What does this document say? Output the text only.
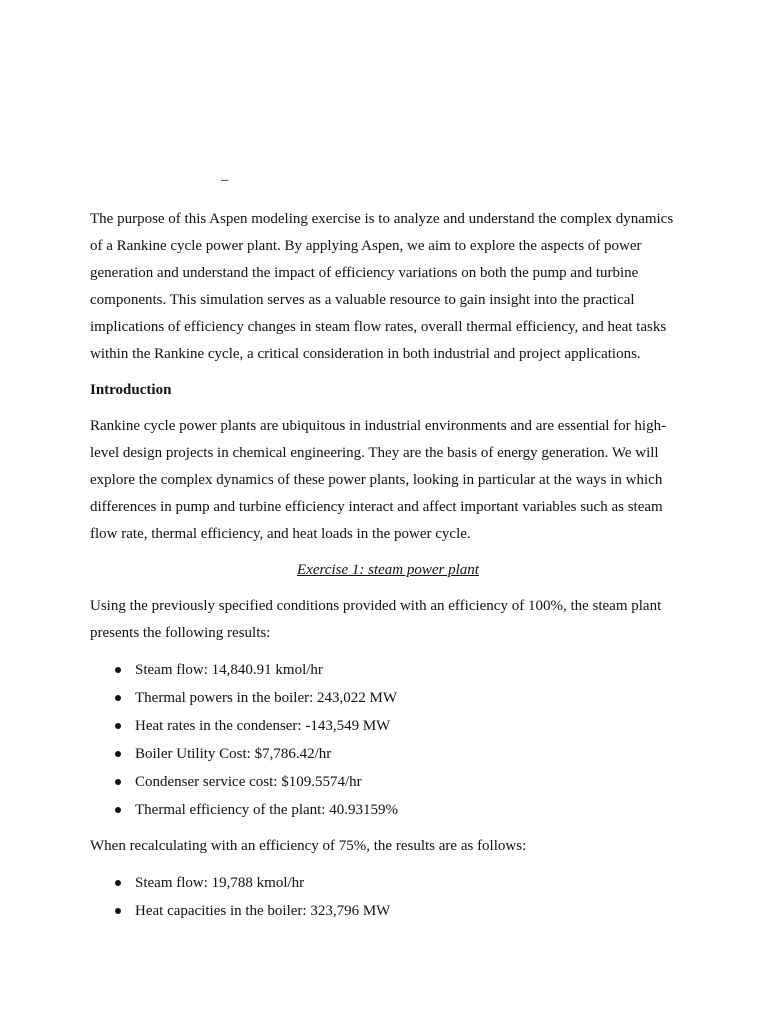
–

The purpose of this Aspen modeling exercise is to analyze and understand the complex dynamics of a Rankine cycle power plant. By applying Aspen, we aim to explore the aspects of power generation and understand the impact of efficiency variations on both the pump and turbine components. This simulation serves as a valuable resource to gain insight into the practical implications of efficiency changes in steam flow rates, overall thermal efficiency, and heat tasks within the Rankine cycle, a critical consideration in both industrial and project applications.

Introduction

Rankine cycle power plants are ubiquitous in industrial environments and are essential for high-level design projects in chemical engineering. They are the basis of energy generation. We will explore the complex dynamics of these power plants, looking in particular at the ways in which differences in pump and turbine efficiency interact and affect important variables such as steam flow rate, thermal efficiency, and heat loads in the power cycle.

Exercise 1: steam power plant

Using the previously specified conditions provided with an efficiency of 100%, the steam plant presents the following results:

Steam flow: 14,840.91 kmol/hr
Thermal powers in the boiler: 243,022 MW
Heat rates in the condenser: -143,549 MW
Boiler Utility Cost: $7,786.42/hr
Condenser service cost: $109.5574/hr
Thermal efficiency of the plant: 40.93159%

When recalculating with an efficiency of 75%, the results are as follows:

Steam flow: 19,788 kmol/hr
Heat capacities in the boiler: 323,796 MW
